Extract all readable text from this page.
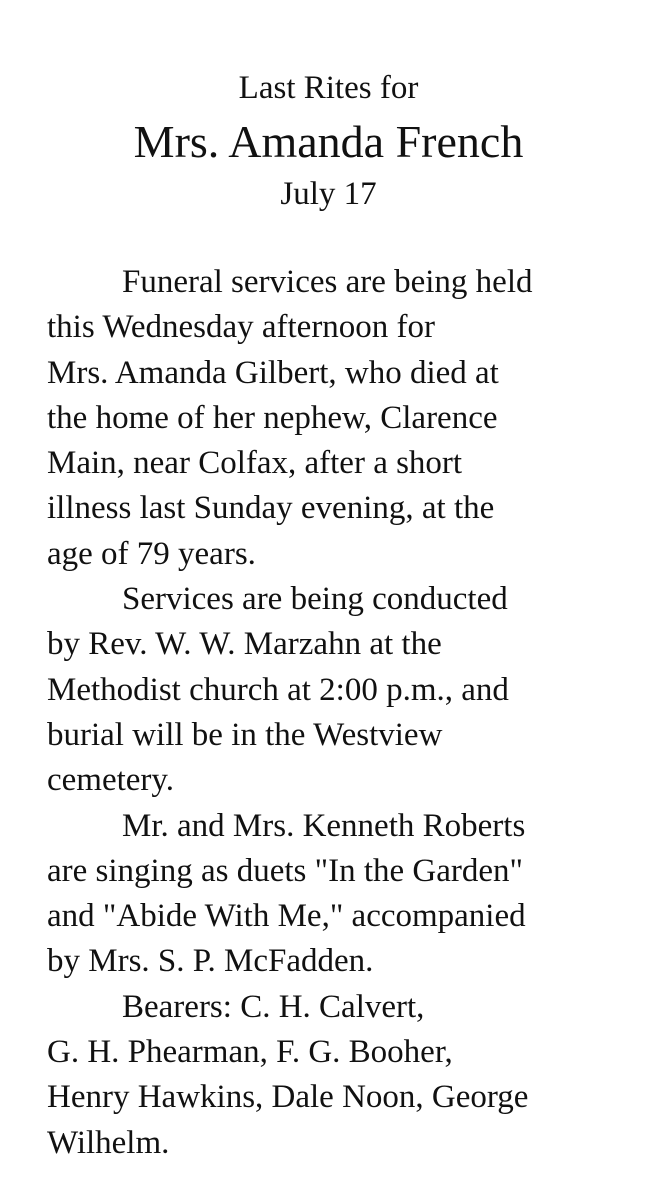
Last Rites for
Mrs. Amanda French
July 17
Funeral services are being held
this Wednesday afternoon for
Mrs. Amanda Gilbert, who died at
the home of her nephew, Clarence
Main, near Colfax, after a short
illness last Sunday evening, at the
age of 79 years.
Services are being conducted
by Rev. W. W. Marzahn at the
Methodist church at 2:00 p.m., and
burial will be in the Westview
cemetery.
Mr. and Mrs. Kenneth Roberts
are singing as duets "In the Garden"
and "Abide With Me," accompanied
by Mrs. S. P. McFadden.
Bearers: C. H. Calvert,
G. H. Phearman, F. G. Booher,
Henry Hawkins, Dale Noon, George
Wilhelm.
